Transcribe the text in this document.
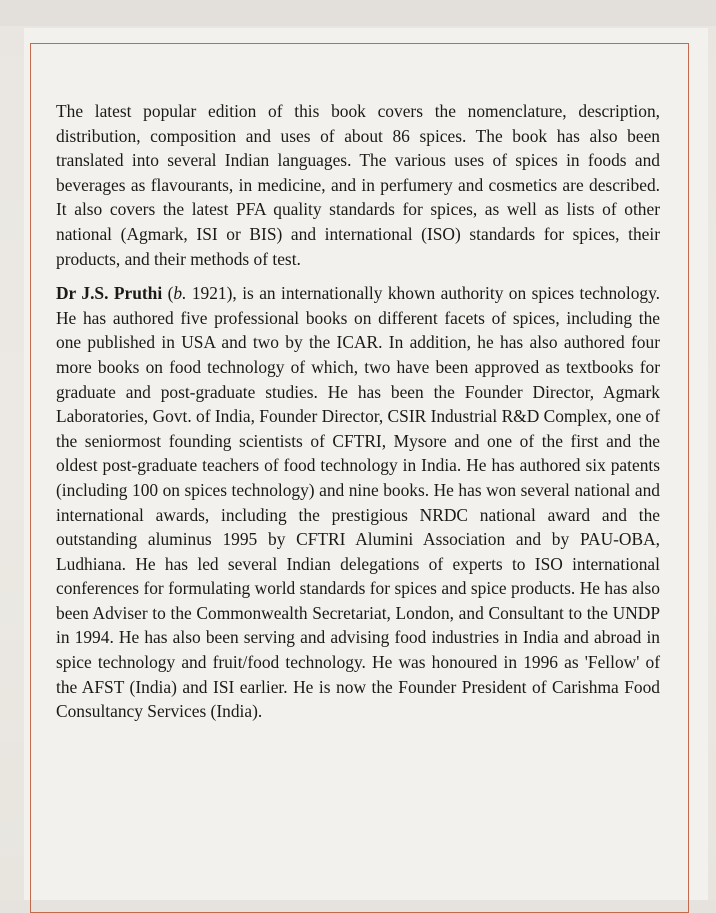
The latest popular edition of this book covers the nomenclature, description, distribution, composition and uses of about 86 spices. The book has also been translated into several Indian languages. The various uses of spices in foods and beverages as flavourants, in medicine, and in perfumery and cosmetics are described. It also covers the latest PFA quality standards for spices, as well as lists of other national (Agmark, ISI or BIS) and international (ISO) standards for spices, their products, and their methods of test.

Dr J.S. Pruthi (b. 1921), is an internationally khown authority on spices technology. He has authored five professional books on different facets of spices, including the one published in USA and two by the ICAR. In addition, he has also authored four more books on food technology of which, two have been approved as textbooks for graduate and post-graduate studies. He has been the Founder Director, Agmark Laboratories, Govt. of India, Founder Director, CSIR Industrial R&D Complex, one of the seniormost founding scientists of CFTRI, Mysore and one of the first and the oldest post-graduate teachers of food technology in India. He has authored six patents (including 100 on spices technology) and nine books. He has won several national and international awards, including the prestigious NRDC national award and the outstanding aluminus 1995 by CFTRI Alumini Association and by PAU-OBA, Ludhiana. He has led several Indian delegations of experts to ISO international conferences for formulating world standards for spices and spice products. He has also been Adviser to the Commonwealth Secretariat, London, and Consultant to the UNDP in 1994. He has also been serving and advising food industries in India and abroad in spice technology and fruit/food technology. He was honoured in 1996 as 'Fellow' of the AFST (India) and ISI earlier. He is now the Founder President of Carishma Food Consultancy Services (India).
